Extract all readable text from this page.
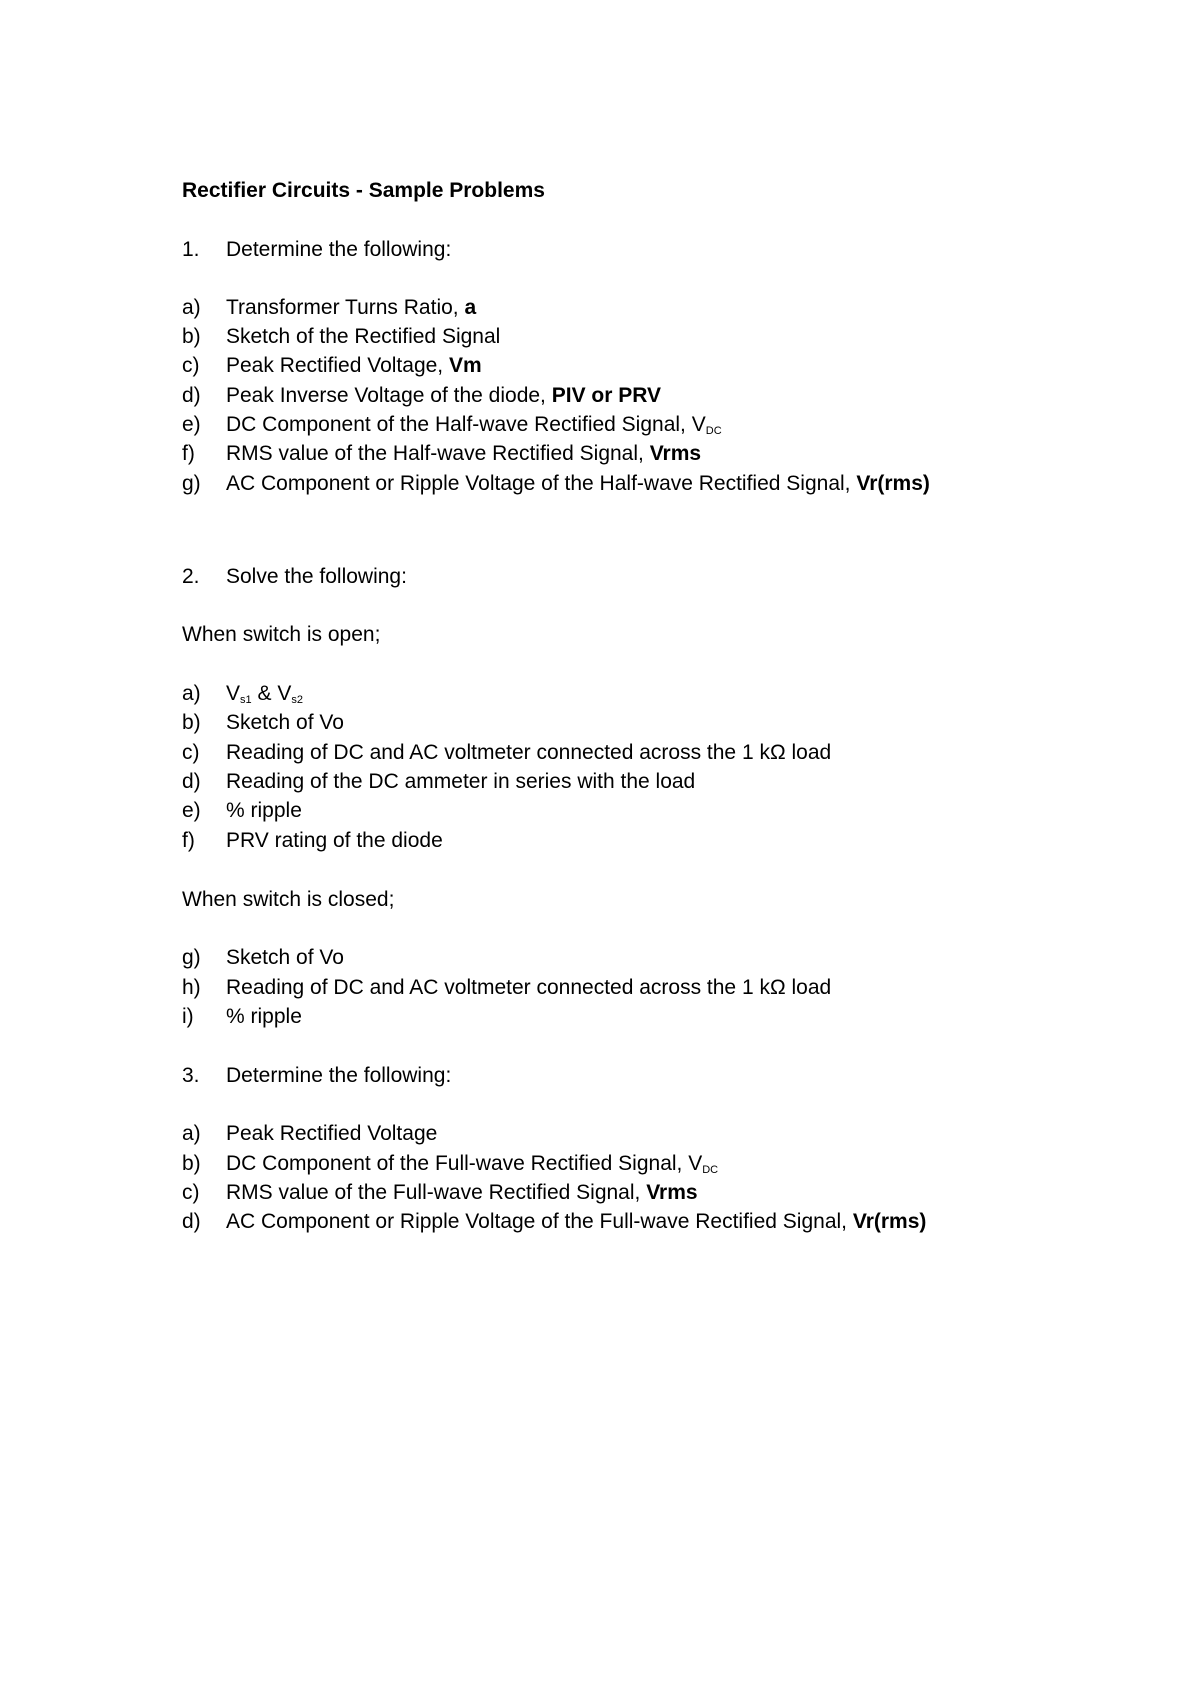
Rectifier Circuits - Sample Problems
1. Determine the following:
a) Transformer Turns Ratio, a
b) Sketch of the Rectified Signal
c) Peak Rectified Voltage, Vm
d) Peak Inverse Voltage of the diode, PIV or PRV
e) DC Component of the Half-wave Rectified Signal, $V_{DC}$
f) RMS value of the Half-wave Rectified Signal, Vrms
g) AC Component or Ripple Voltage of the Half-wave Rectified Signal, Vr(rms)
2. Solve the following:
When switch is open;
a) $V_{s1}$ & $V_{s2}$
b) Sketch of Vo
c) Reading of DC and AC voltmeter connected across the 1 kΩ load
d) Reading of the DC ammeter in series with the load
e) % ripple
f) PRV rating of the diode
When switch is closed;
g) Sketch of Vo
h) Reading of DC and AC voltmeter connected across the 1 kΩ load
i) % ripple
3. Determine the following:
a) Peak Rectified Voltage
b) DC Component of the Full-wave Rectified Signal, $V_{DC}$
c) RMS value of the Full-wave Rectified Signal, Vrms
d) AC Component or Ripple Voltage of the Full-wave Rectified Signal, Vr(rms)
